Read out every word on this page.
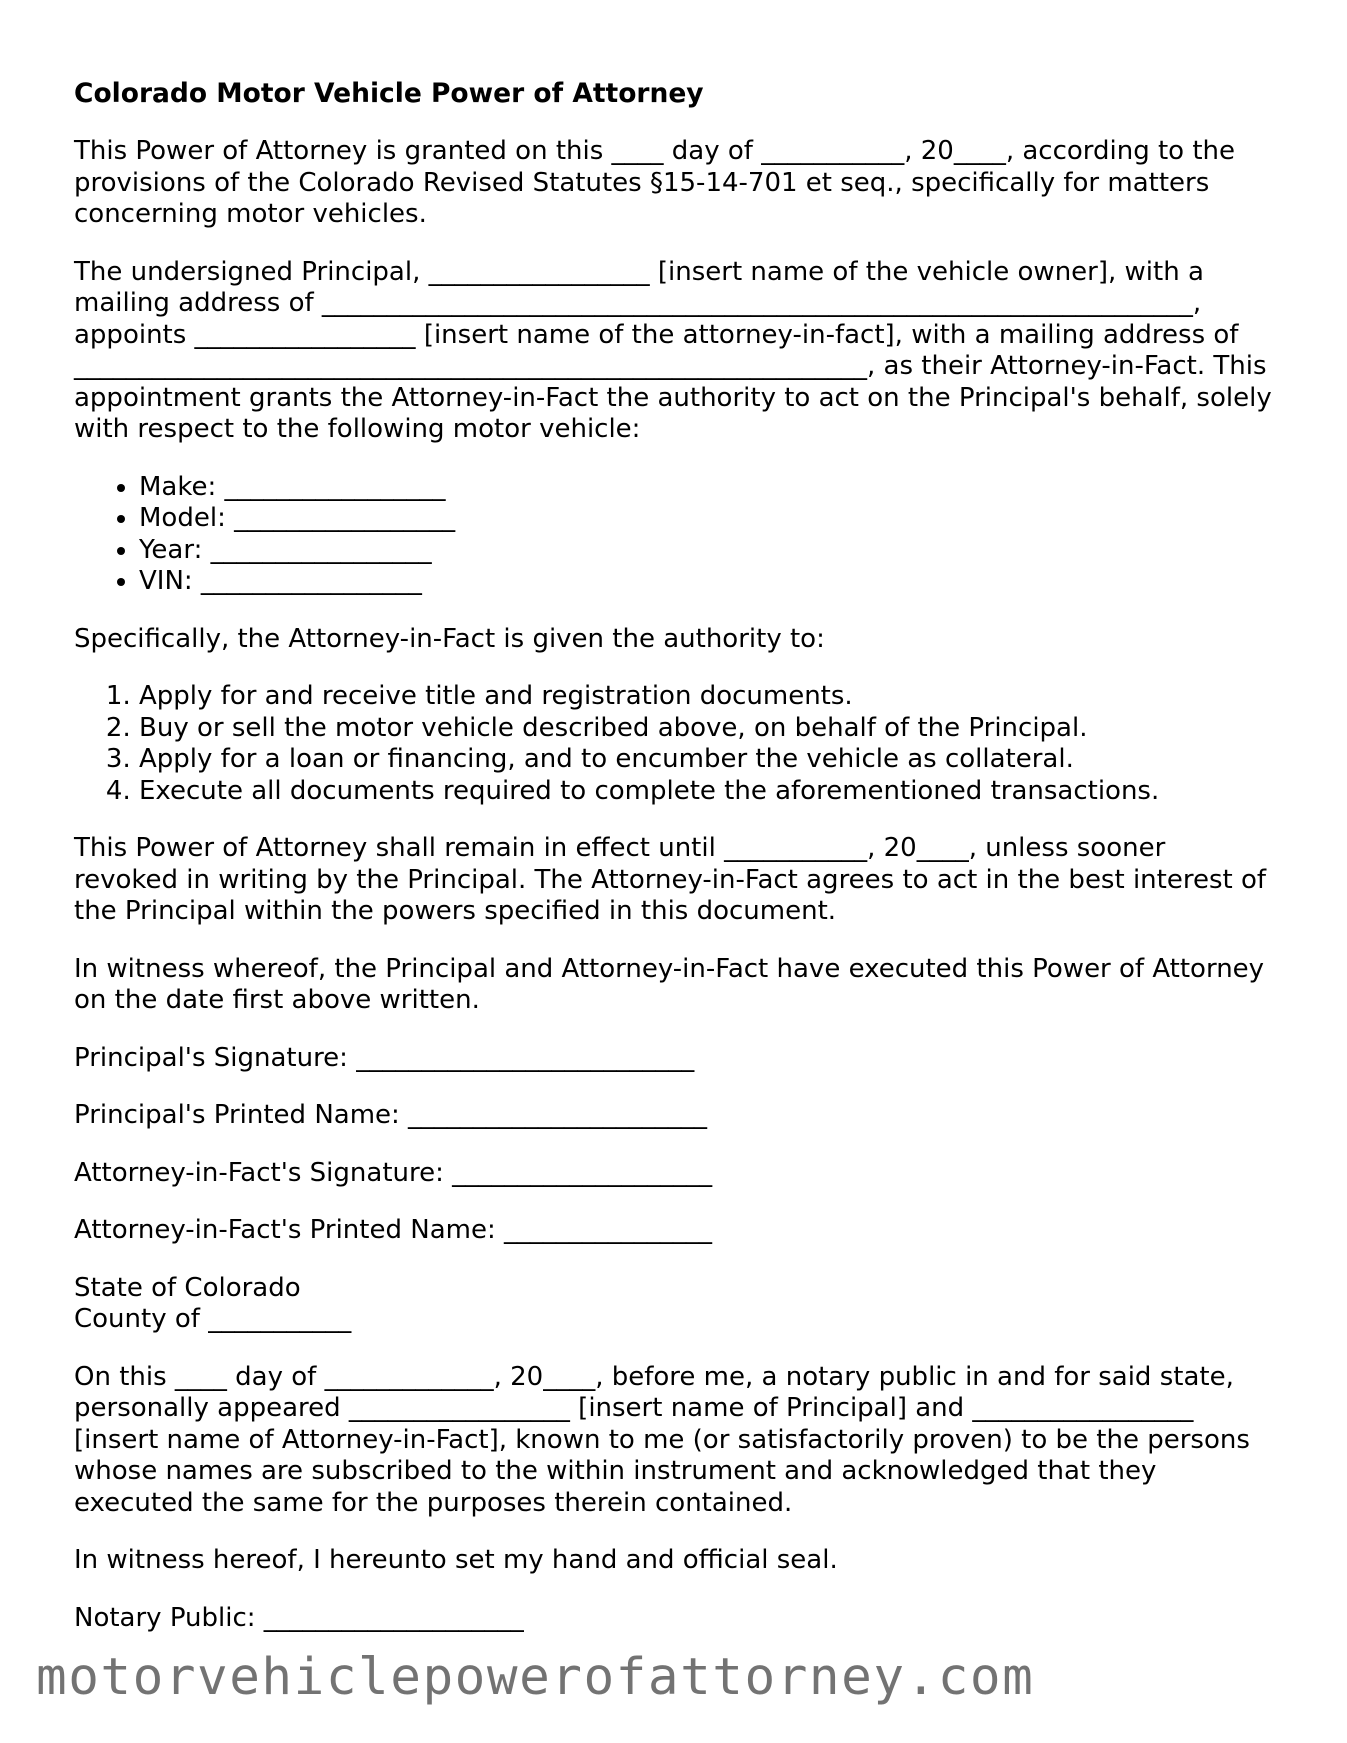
Colorado Motor Vehicle Power of Attorney

This Power of Attorney is granted on this ____ day of ___________, 20____, according to the provisions of the Colorado Revised Statutes §15-14-701 et seq., specifically for matters concerning motor vehicles.

The undersigned Principal, _________________ [insert name of the vehicle owner], with a mailing address of ___________________________________________________________________, appoints _________________ [insert name of the attorney-in-fact], with a mailing address of _____________________________________________________________, as their Attorney-in-Fact. This appointment grants the Attorney-in-Fact the authority to act on the Principal's behalf, solely with respect to the following motor vehicle:

• Make: _________________
• Model: _________________
• Year: _________________
• VIN: _________________

Specifically, the Attorney-in-Fact is given the authority to:

1. Apply for and receive title and registration documents.
2. Buy or sell the motor vehicle described above, on behalf of the Principal.
3. Apply for a loan or financing, and to encumber the vehicle as collateral.
4. Execute all documents required to complete the aforementioned transactions.

This Power of Attorney shall remain in effect until ___________, 20____, unless sooner revoked in writing by the Principal. The Attorney-in-Fact agrees to act in the best interest of the Principal within the powers specified in this document.

In witness whereof, the Principal and Attorney-in-Fact have executed this Power of Attorney on the date first above written.

Principal's Signature: __________________________

Principal's Printed Name: _______________________

Attorney-in-Fact's Signature: ____________________

Attorney-in-Fact's Printed Name: ________________

State of Colorado
County of ___________

On this ____ day of _____________, 20____, before me, a notary public in and for said state, personally appeared _________________ [insert name of Principal] and _________________ [insert name of Attorney-in-Fact], known to me (or satisfactorily proven) to be the persons whose names are subscribed to the within instrument and acknowledged that they executed the same for the purposes therein contained.

In witness hereof, I hereunto set my hand and official seal.

Notary Public: ____________________

motorvehiclepowerofattorney.com
